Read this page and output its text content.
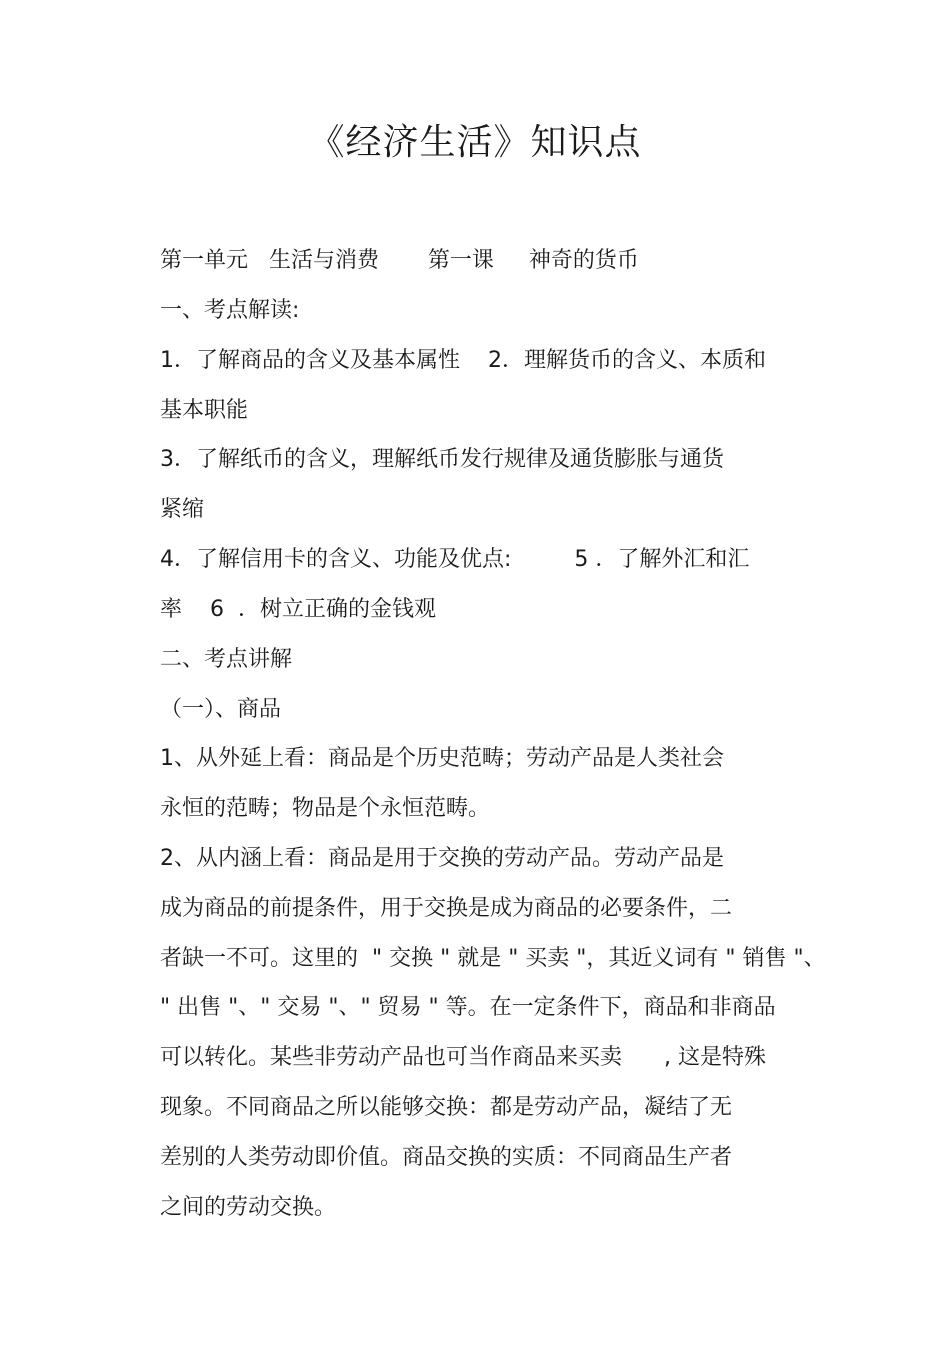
《经济生活》知识点
第一单元   生活与消费       第一课     神奇的货币
一、考点解读:
1．了解商品的含义及基本属性    2．理解货币的含义、本质和
基本职能
3．了解纸币的含义，理解纸币发行规律及通货膨胀与通货
紧缩
4．了解信用卡的含义、功能及优点:         5 ．了解外汇和汇
率    6  ．树立正确的金钱观
二、考点讲解
（一）、商品
1、从外延上看：商品是个历史范畴；劳动产品是人类社会
永恒的范畴；物品是个永恒范畴。
2、从内涵上看：商品是用于交换的劳动产品。劳动产品是
成为商品的前提条件，用于交换是成为商品的必要条件，二
者缺一不可。这里的  " 交换 " 就是 " 买卖 "，其近义词有 " 销售 "、
" 出售 "、" 交易 "、" 贸易 " 等。在一定条件下，商品和非商品
可以转化。某些非劳动产品也可当作商品来买卖      , 这是特殊
现象。不同商品之所以能够交换：都是劳动产品，凝结了无
差别的人类劳动即价值。商品交换的实质：不同商品生产者
之间的劳动交换。
